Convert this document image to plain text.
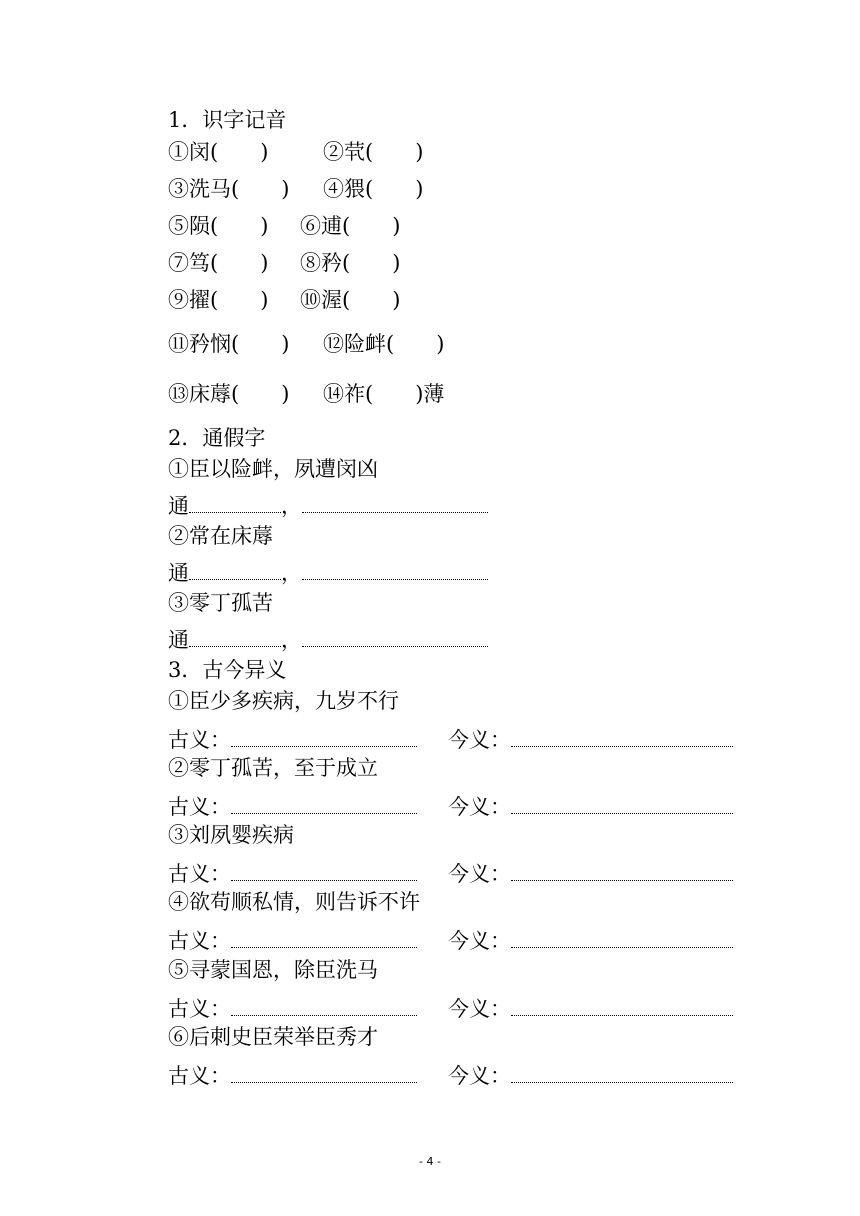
1．识字记音
①闵(　　)	②茕(　　)
③洗马(　　) ④猥(　　)
⑤陨(　　) ⑥逋(　　)
⑦笃(　　) ⑧矜(　　)
⑨擢(　　) ⑩渥(　　)
⑪矜悯(　　) ⑫险衅(　　)
⑬床蓐(　　) ⑭祚(　　)薄
2．通假字
①臣以险衅，夙遭闵凶
通	，
②常在床蓐
通	，
③零丁孤苦
通	，
3．古今异义
①臣少多疾病，九岁不行
古义：	今义：
②零丁孤苦，至于成立
古义：	今义：
③刘夙婴疾病
古义：	今义：
④欲苟顺私情，则告诉不许
古义：	今义：
⑤寻蒙国恩，除臣洗马
古义：	今义：
⑥后刺史臣荣举臣秀才
古义：	今义：
- 4 -
